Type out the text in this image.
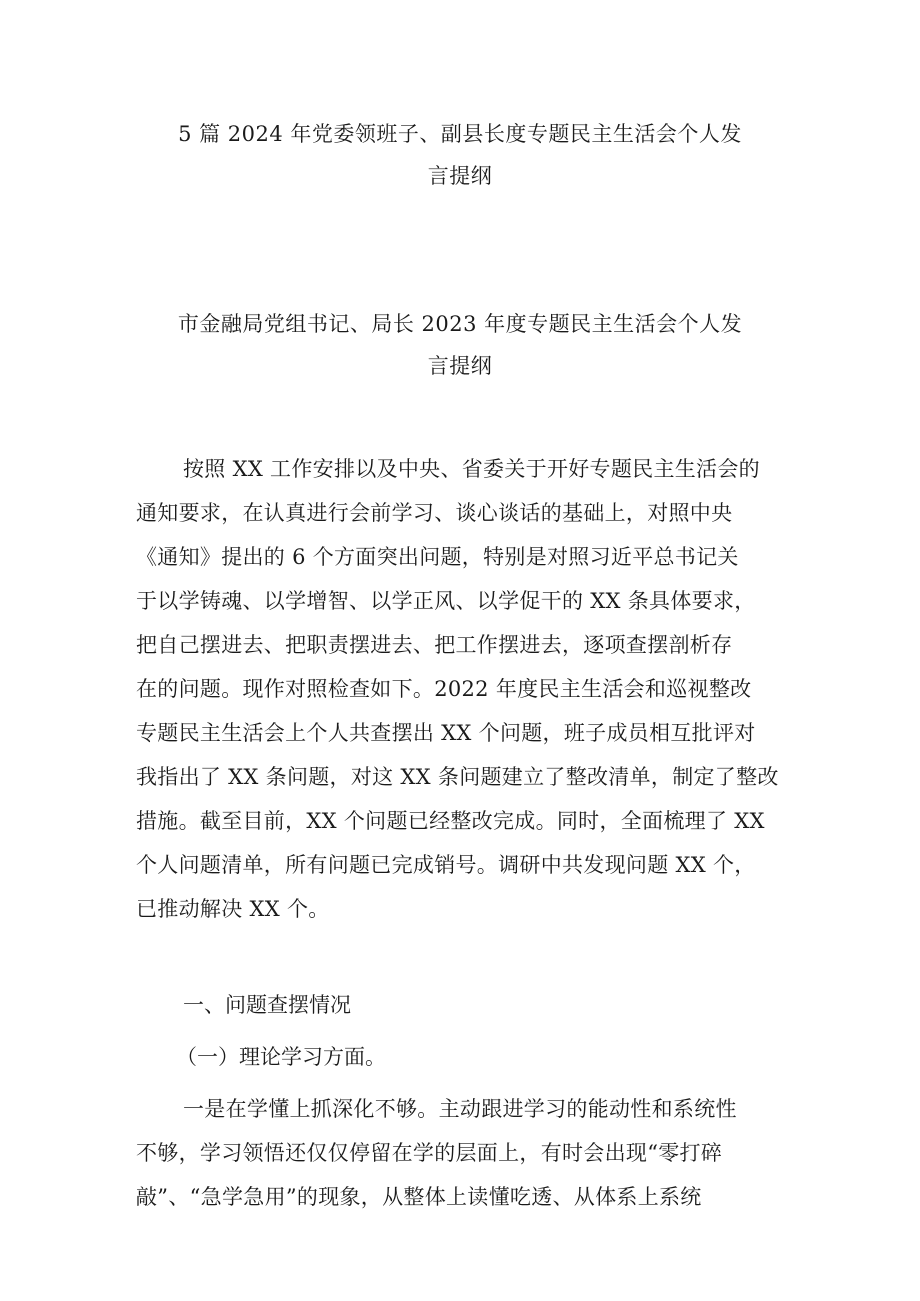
5 篇 2024 年党委领班子、副县长度专题民主生活会个人发
言提纲
市金融局党组书记、局长 2023 年度专题民主生活会个人发
言提纲
按照 XX 工作安排以及中央、省委关于开好专题民主生活会的
通知要求，在认真进行会前学习、谈心谈话的基础上，对照中央
《通知》提出的 6 个方面突出问题，特别是对照习近平总书记关
于以学铸魂、以学增智、以学正风、以学促干的 XX 条具体要求，
把自己摆进去、把职责摆进去、把工作摆进去，逐项查摆剖析存
在的问题。现作对照检查如下。2022 年度民主生活会和巡视整改
专题民主生活会上个人共查摆出 XX 个问题，班子成员相互批评对
我指出了 XX 条问题，对这 XX 条问题建立了整改清单，制定了整改
措施。截至目前，XX 个问题已经整改完成。同时，全面梳理了 XX
个人问题清单，所有问题已完成销号。调研中共发现问题 XX 个，
已推动解决 XX 个。
一、问题查摆情况
（一）理论学习方面。
一是在学懂上抓深化不够。主动跟进学习的能动性和系统性
不够，学习领悟还仅仅停留在学的层面上，有时会出现“零打碎
敲”、“急学急用”的现象，从整体上读懂吃透、从体系上系统
